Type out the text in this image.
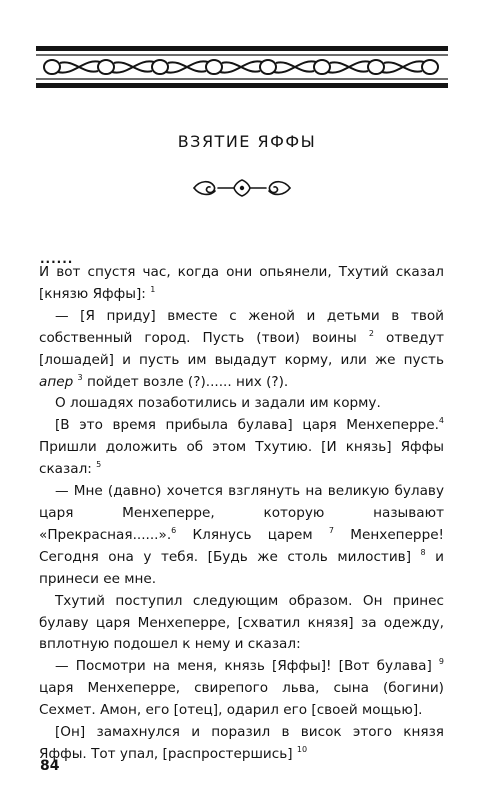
ВЗЯТИЕ ЯФФЫ
......

И вот спустя час, когда они опьянели, Тхутий сказал [князю Яффы]: $^1$

— [Я приду] вместе с женой и детьми в твой собственный город. Пусть (твои) воины $^2$ отведут [лошадей] и пусть им выдадут корму, или же пусть апер $^3$ пойдет возле (?)...... них (?).

О лошадях позаботились и задали им корму.

[В это время прибыла булава] царя Менхеперре.$^4$ Пришли доложить об этом Тхутию. [И князь] Яффы сказал: $^5$

— Мне (давно) хочется взглянуть на великую булаву царя Менхеперре, которую называют «Прекрасная......».$^6$ Клянусь царем $^7$ Менхеперре! Сегодня она у тебя. [Будь же столь милостив] $^8$ и принеси ее мне.

Тхутий поступил следующим образом. Он принес булаву царя Менхеперре, [схватил князя] за одежду, вплотную подошел к нему и сказал:

— Посмотри на меня, князь [Яффы]! [Вот булава] $^9$ царя Менхеперре, свирепого льва, сына (богини) Сехмет. Амон, его [отец], одарил его [своей мощью].

[Он] замахнулся и поразил в висок этого князя Яффы. Тот упал, [распростершись] $^{10}$

84
